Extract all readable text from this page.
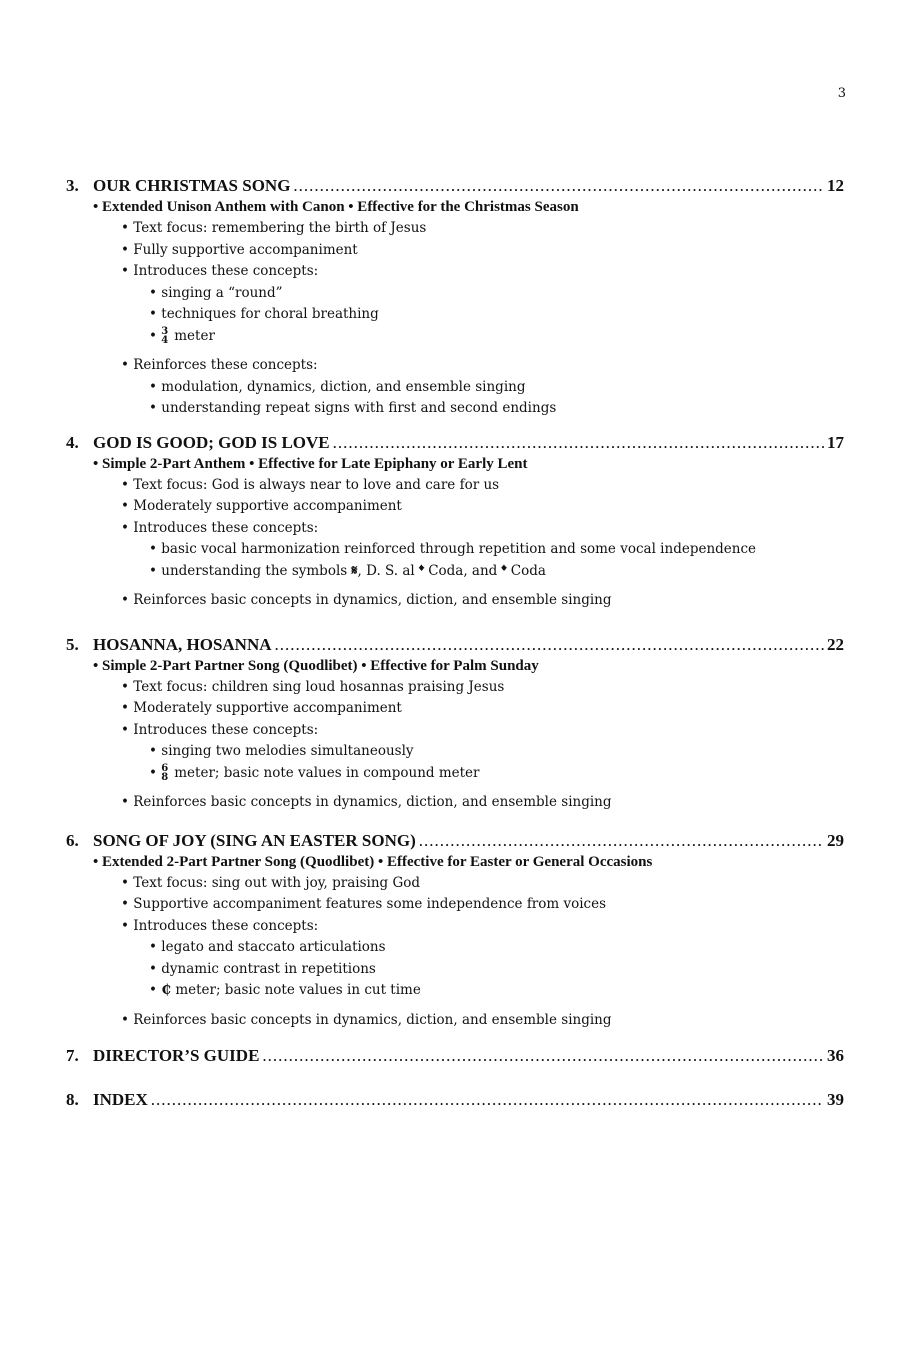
3
3. OUR CHRISTMAS SONG .....	12
• Extended Unison Anthem with Canon • Effective for the Christmas Season
• Text focus: remembering the birth of Jesus
• Fully supportive accompaniment
• Introduces these concepts:
• singing a “round”
• techniques for choral breathing
• 3
4 meter
• Reinforces these concepts:
• modulation, dynamics, diction, and ensemble singing
• understanding repeat signs with first and second endings
4. GOD IS GOOD; GOD IS LOVE .....	17
• Simple 2-Part Anthem • Effective for Late Epiphany or Early Lent
• Text focus: God is always near to love and care for us
• Moderately supportive accompaniment
• Introduces these concepts:
• basic vocal harmonization reinforced through repetition and some vocal independence
• understanding the symbols 𝄋, D. S. al 𝄌 Coda, and 𝄌 Coda
• Reinforces basic concepts in dynamics, diction, and ensemble singing
5. HOSANNA, HOSANNA .....	22
• Simple 2-Part Partner Song (Quodlibet) • Effective for Palm Sunday
• Text focus: children sing loud hosannas praising Jesus
• Moderately supportive accompaniment
• Introduces these concepts:
• singing two melodies simultaneously
• 6
8 meter; basic note values in compound meter
• Reinforces basic concepts in dynamics, diction, and ensemble singing
6. SONG OF JOY (SING AN EASTER SONG) .....	29
• Extended 2-Part Partner Song (Quodlibet) • Effective for Easter or General Occasions
• Text focus: sing out with joy, praising God
• Supportive accompaniment features some independence from voices
• Introduces these concepts:
• legato and staccato articulations
• dynamic contrast in repetitions
• ₵ meter; basic note values in cut time
• Reinforces basic concepts in dynamics, diction, and ensemble singing
7. DIRECTOR’S GUIDE .....	36
8. INDEX .....	39
